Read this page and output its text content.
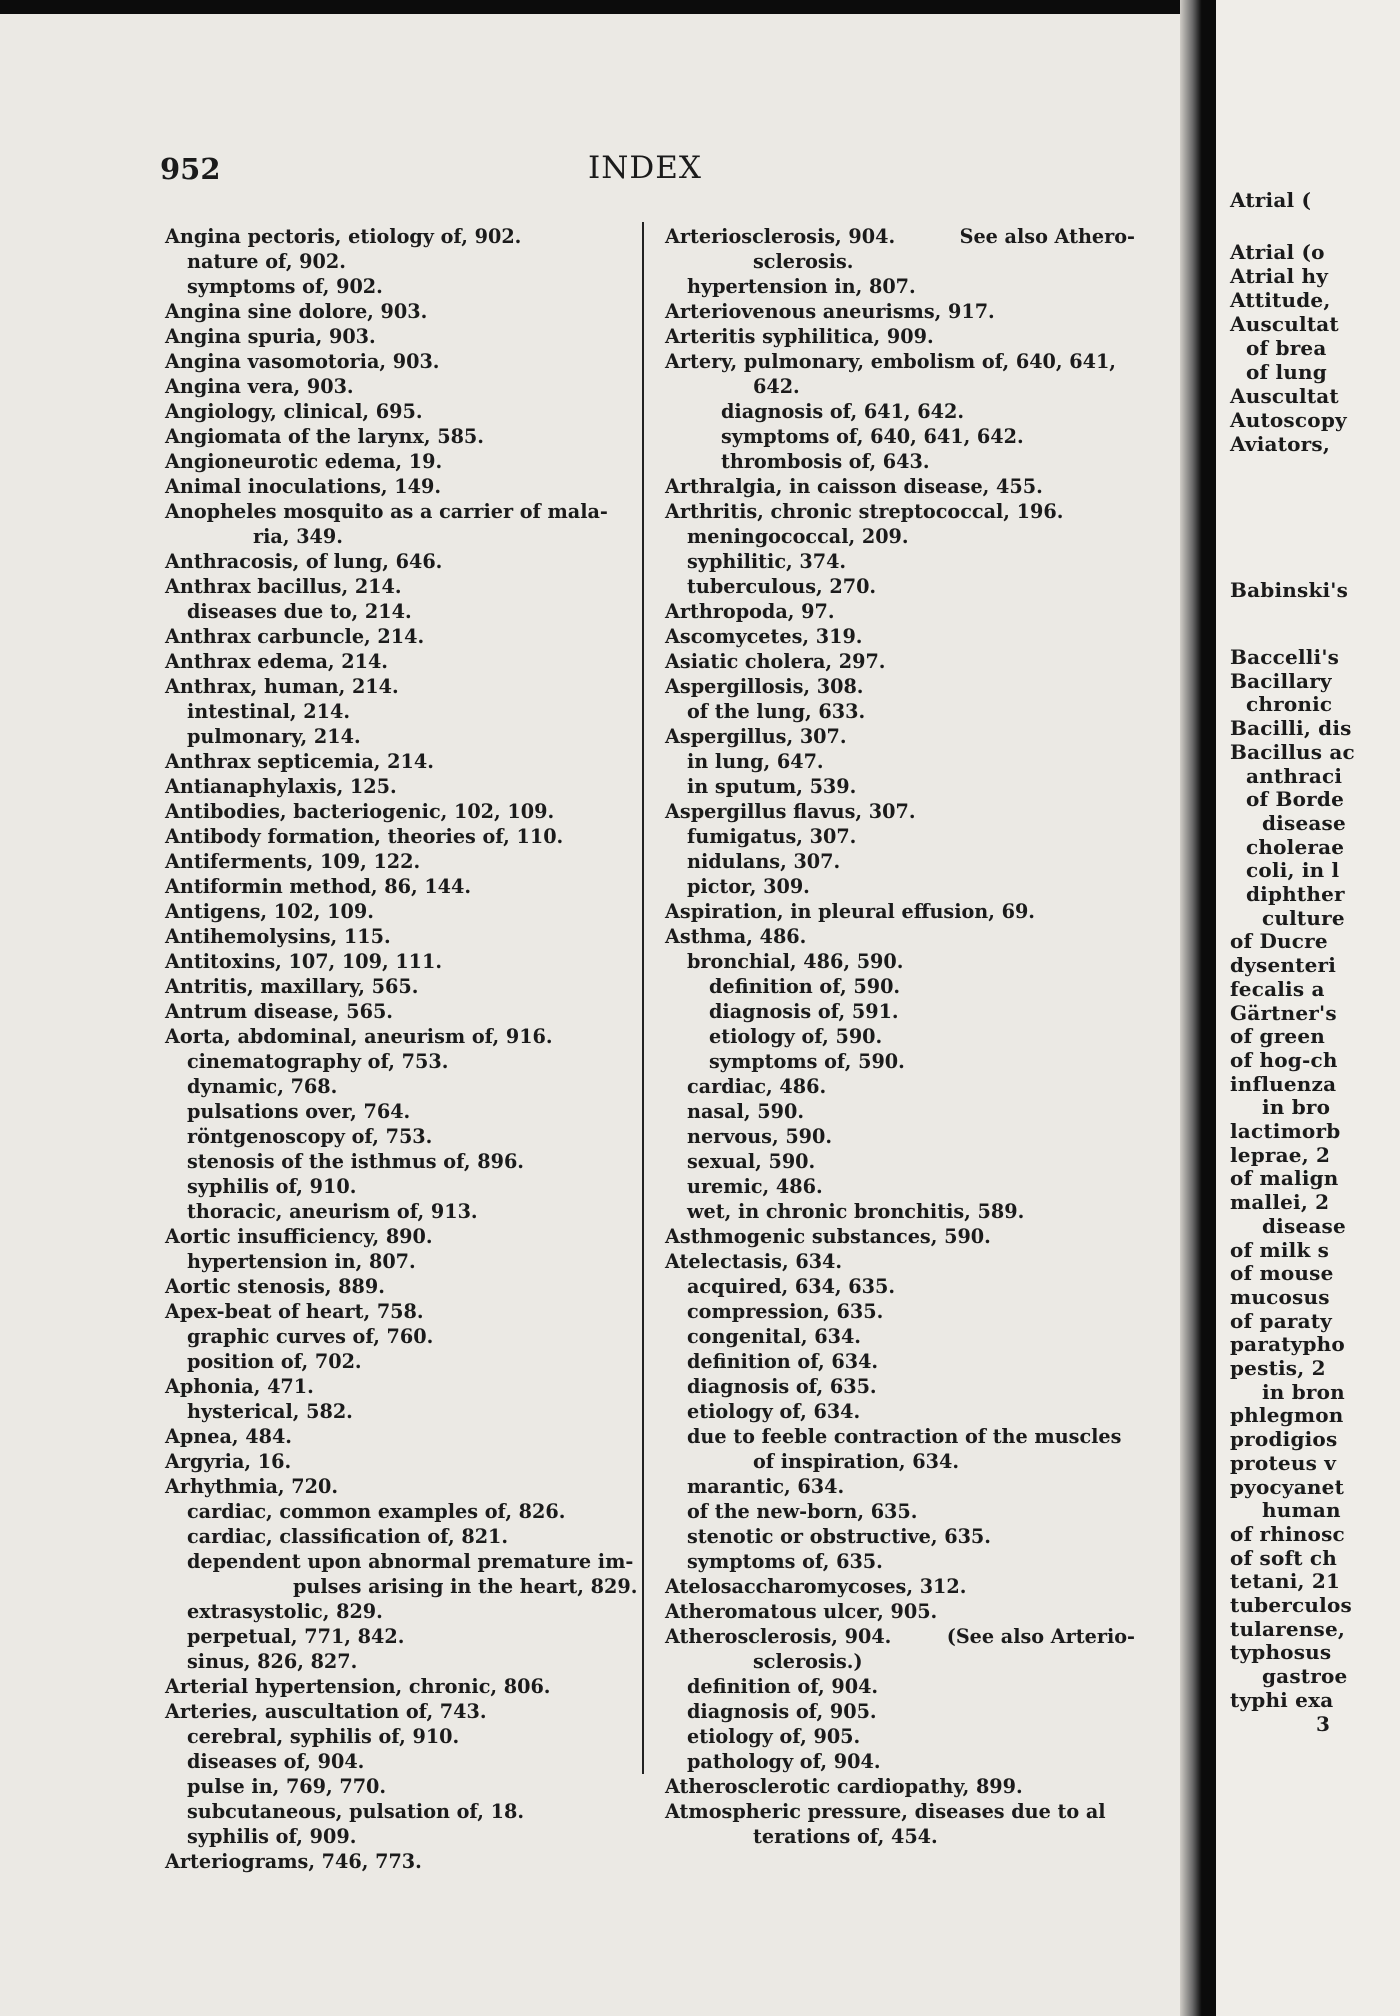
952	INDEX
Angina pectoris, etiology of, 902.
nature of, 902.
symptoms of, 902.
Angina sine dolore, 903.
Angina spuria, 903.
Angina vasomotoria, 903.
Angina vera, 903.
Angiology, clinical, 695.
Angiomata of the larynx, 585.
Angioneurotic edema, 19.
Animal inoculations, 149.
Anopheles mosquito as a carrier of mala-
ria, 349.
Anthracosis, of lung, 646.
Anthrax bacillus, 214.
diseases due to, 214.
Anthrax carbuncle, 214.
Anthrax edema, 214.
Anthrax, human, 214.
intestinal, 214.
pulmonary, 214.
Anthrax septicemia, 214.
Antianaphylaxis, 125.
Antibodies, bacteriogenic, 102, 109.
Antibody formation, theories of, 110.
Antiferments, 109, 122.
Antiformin method, 86, 144.
Antigens, 102, 109.
Antihemolysins, 115.
Antitoxins, 107, 109, 111.
Antritis, maxillary, 565.
Antrum disease, 565.
Aorta, abdominal, aneurism of, 916.
cinematography of, 753.
dynamic, 768.
pulsations over, 764.
röntgenoscopy of, 753.
stenosis of the isthmus of, 896.
syphilis of, 910.
thoracic, aneurism of, 913.
Aortic insufficiency, 890.
hypertension in, 807.
Aortic stenosis, 889.
Apex-beat of heart, 758.
graphic curves of, 760.
position of, 702.
Aphonia, 471.
hysterical, 582.
Apnea, 484.
Argyria, 16.
Arhythmia, 720.
cardiac, common examples of, 826.
cardiac, classification of, 821.
dependent upon abnormal premature im-
pulses arising in the heart, 829.
extrasystolic, 829.
perpetual, 771, 842.
sinus, 826, 827.
Arterial hypertension, chronic, 806.
Arteries, auscultation of, 743.
cerebral, syphilis of, 910.
diseases of, 904.
pulse in, 769, 770.
subcutaneous, pulsation of, 18.
syphilis of, 909.
Arteriograms, 746, 773.
Arteriosclerosis, 904.	See also Athero-
sclerosis.
hypertension in, 807.
Arteriovenous aneurisms, 917.
Arteritis syphilitica, 909.
Artery, pulmonary, embolism of, 640, 641,
642.
diagnosis of, 641, 642.
symptoms of, 640, 641, 642.
thrombosis of, 643.
Arthralgia, in caisson disease, 455.
Arthritis, chronic streptococcal, 196.
meningococcal, 209.
syphilitic, 374.
tuberculous, 270.
Arthropoda, 97.
Ascomycetes, 319.
Asiatic cholera, 297.
Aspergillosis, 308.
of the lung, 633.
Aspergillus, 307.
in lung, 647.
in sputum, 539.
Aspergillus flavus, 307.
fumigatus, 307.
nidulans, 307.
pictor, 309.
Aspiration, in pleural effusion, 69.
Asthma, 486.
bronchial, 486, 590.
definition of, 590.
diagnosis of, 591.
etiology of, 590.
symptoms of, 590.
cardiac, 486.
nasal, 590.
nervous, 590.
sexual, 590.
uremic, 486.
wet, in chronic bronchitis, 589.
Asthmogenic substances, 590.
Atelectasis, 634.
acquired, 634, 635.
compression, 635.
congenital, 634.
definition of, 634.
diagnosis of, 635.
etiology of, 634.
due to feeble contraction of the muscles
of inspiration, 634.
marantic, 634.
of the new-born, 635.
stenotic or obstructive, 635.
symptoms of, 635.
Atelosaccharomycoses, 312.
Atheromatous ulcer, 905.
Atherosclerosis, 904.	(See also Arterio-
sclerosis.)
definition of, 904.
diagnosis of, 905.
etiology of, 905.
pathology of, 904.
Atherosclerotic cardiopathy, 899.
Atmospheric pressure, diseases due to al
terations of, 454.
Atrial (
Atrial (o
Atrial hy
Attitude,
Auscultat
of brea
of lung
Auscultat
Autoscopy
Aviators,
Babinski's
Baccelli's
Bacillary
chronic
Bacilli, dis
Bacillus ac
anthraci
of Borde
disease
cholerae
coli, in l
diphther
culture
of Ducre
dysenteri
fecalis a
Gärtner's
of green
of hog-ch
influenza
in bro
lactimorb
leprae, 2
of malign
mallei, 2
disease
of milk s
of mouse
mucosus
of paraty
paratypho
pestis, 2
in bron
phlegmon
prodigios
proteus v
pyocyanet
human
of rhinosc
of soft ch
tetani, 21
tuberculos
tularense,
typhosus
gastroe
typhi exa
3
